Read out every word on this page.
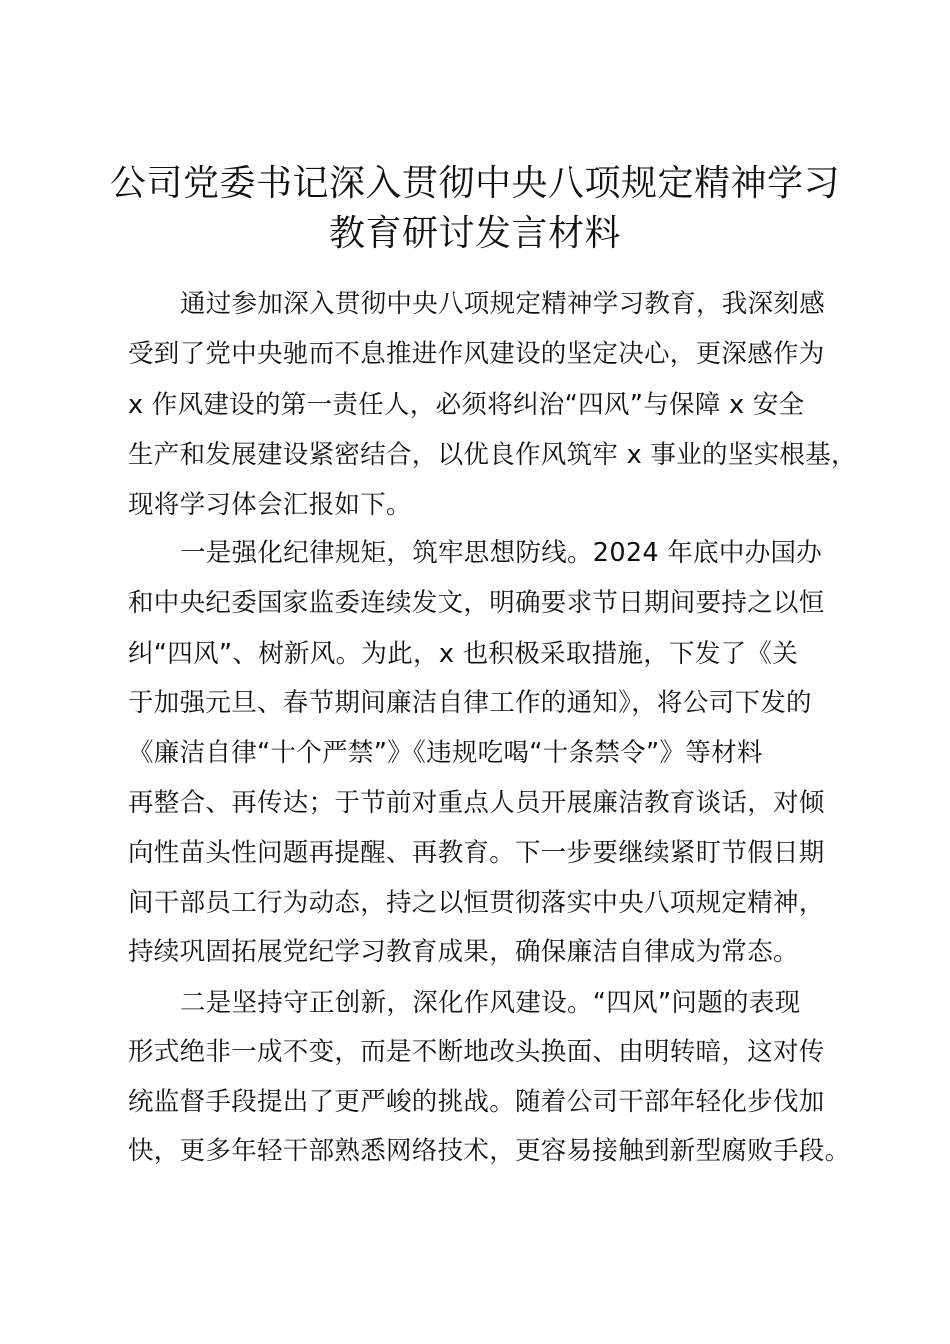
公司党委书记深入贯彻中央八项规定精神学习
教育研讨发言材料
通过参加深入贯彻中央八项规定精神学习教育，我深刻感
受到了党中央驰而不息推进作风建设的坚定决心，更深感作为
x 作风建设的第一责任人，必须将纠治“四风”与保障 x 安全
生产和发展建设紧密结合，以优良作风筑牢 x 事业的坚实根基，
现将学习体会汇报如下。
一是强化纪律规矩，筑牢思想防线。2024 年底中办国办
和中央纪委国家监委连续发文，明确要求节日期间要持之以恒
纠“四风”、树新风。为此，x 也积极采取措施，下发了《关
于加强元旦、春节期间廉洁自律工作的通知》，将公司下发的
《廉洁自律“十个严禁”》《违规吃喝“十条禁令”》等材料
再整合、再传达；于节前对重点人员开展廉洁教育谈话，对倾
向性苗头性问题再提醒、再教育。下一步要继续紧盯节假日期
间干部员工行为动态，持之以恒贯彻落实中央八项规定精神，
持续巩固拓展党纪学习教育成果，确保廉洁自律成为常态。
二是坚持守正创新，深化作风建设。“四风”问题的表现
形式绝非一成不变，而是不断地改头换面、由明转暗，这对传
统监督手段提出了更严峻的挑战。随着公司干部年轻化步伐加
快，更多年轻干部熟悉网络技术，更容易接触到新型腐败手段。
